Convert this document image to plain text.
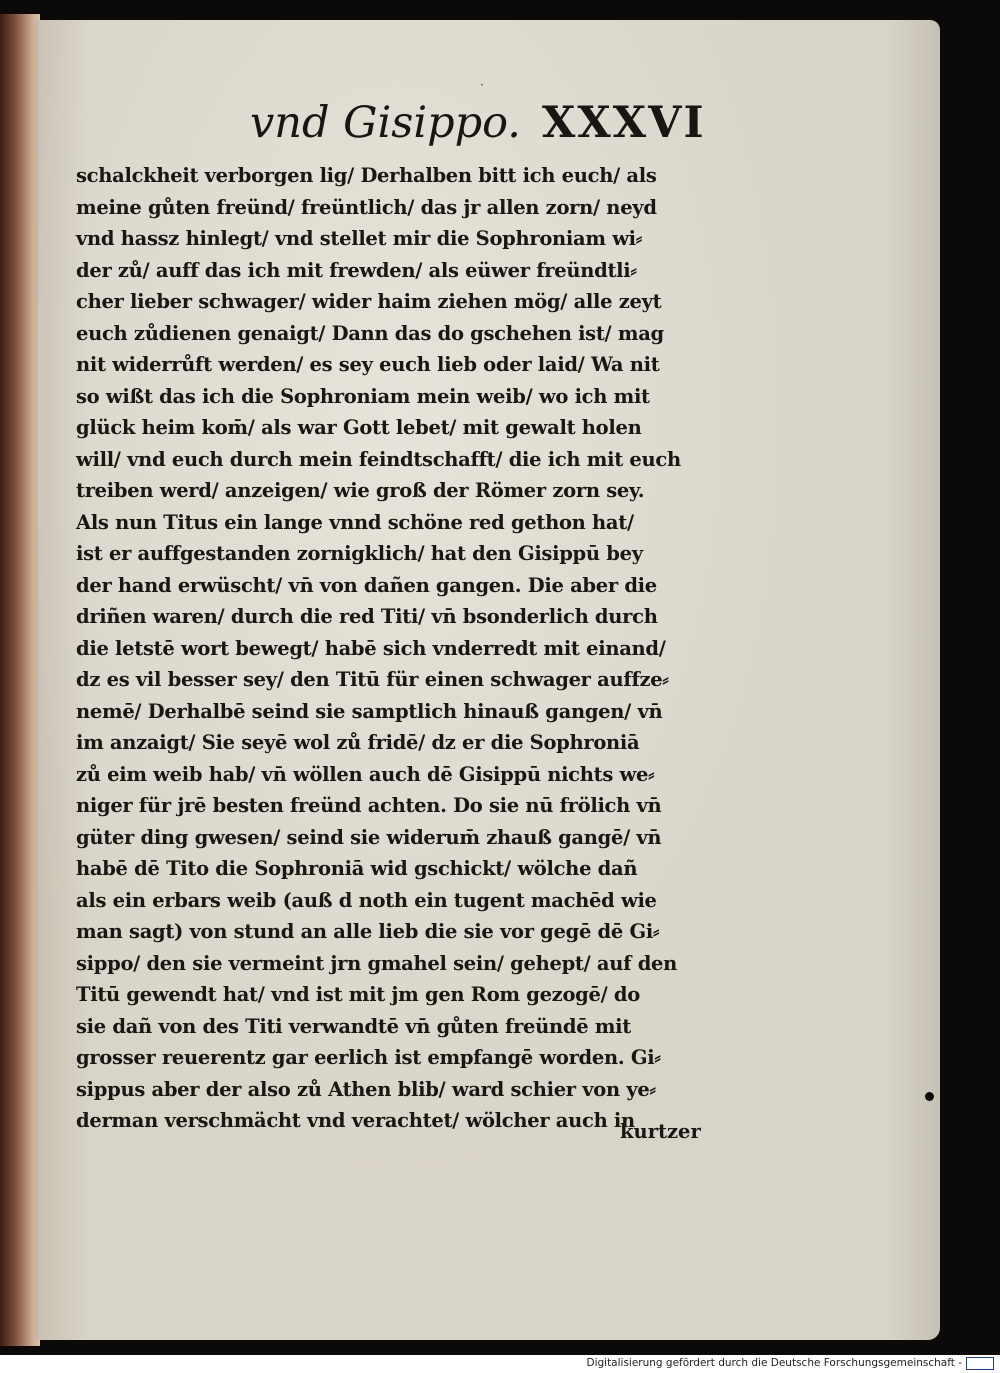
·
vnd Gisippo. XXXVI
schalckheit verborgen lig/ Derhalben bitt ich euch/ als
meine gůten freünd/ freüntlich/ das jr allen zorn/ neyd
vnd hassz hinlegt/ vnd stellet mir die Sophroniam wi⸗
der zů/ auff das ich mit frewden/ als eüwer freündtli⸗
cher lieber schwager/ wider haim ziehen mög/ alle zeyt
euch zůdienen genaigt/ Dann das do gschehen ist/ mag
nit widerrůft werden/ es sey euch lieb oder laid/ Wa nit
so wißt das ich die Sophroniam mein weib/ wo ich mit
glück heim kom̄/ als war Gott lebet/ mit gewalt holen
will/ vnd euch durch mein feindtschafft/ die ich mit euch
treiben werd/ anzeigen/ wie groß der Römer zorn sey.
Als nun Titus ein lange vnnd schöne red gethon hat/
ist er auffgestanden zornigklich/ hat den Gisippū bey
der hand erwüscht/ vn̄ von dañen gangen. Die aber die
driñen waren/ durch die red Titi/ vn̄ bsonderlich durch
die letstē wort bewegt/ habē sich vnderredt mit einand/
dz es vil besser sey/ den Titū für einen schwager auffze⸗
nemē/ Derhalbē seind sie samptlich hinauß gangen/ vn̄
im anzaigt/ Sie seyē wol zů fridē/ dz er die Sophroniā
zů eim weib hab/ vn̄ wöllen auch dē Gisippū nichts we⸗
niger für jrē besten freünd achten. Do sie nū frölich vn̄
güter ding gwesen/ seind sie widerum̄ zhauß gangē/ vn̄
habē dē Tito die Sophroniā wid gschickt/ wölche dañ
als ein erbars weib (auß d noth ein tugent machēd wie
man sagt) von stund an alle lieb die sie vor gegē dē Gi⸗
sippo/ den sie vermeint jrn gmahel sein/ gehept/ auf den
Titū gewendt hat/ vnd ist mit jm gen Rom gezogē/ do
sie dañ von des Titi verwandtē vn̄ gůten freündē mit
grosser reuerentz gar eerlich ist empfangē worden. Gi⸗
sippus aber der also zů Athen blib/ ward schier von ye⸗
derman verschmächt vnd verachtet/ wölcher auch in
kurtzer
Digitalisierung gefördert durch die Deutsche Forschungsgemeinschaft -
